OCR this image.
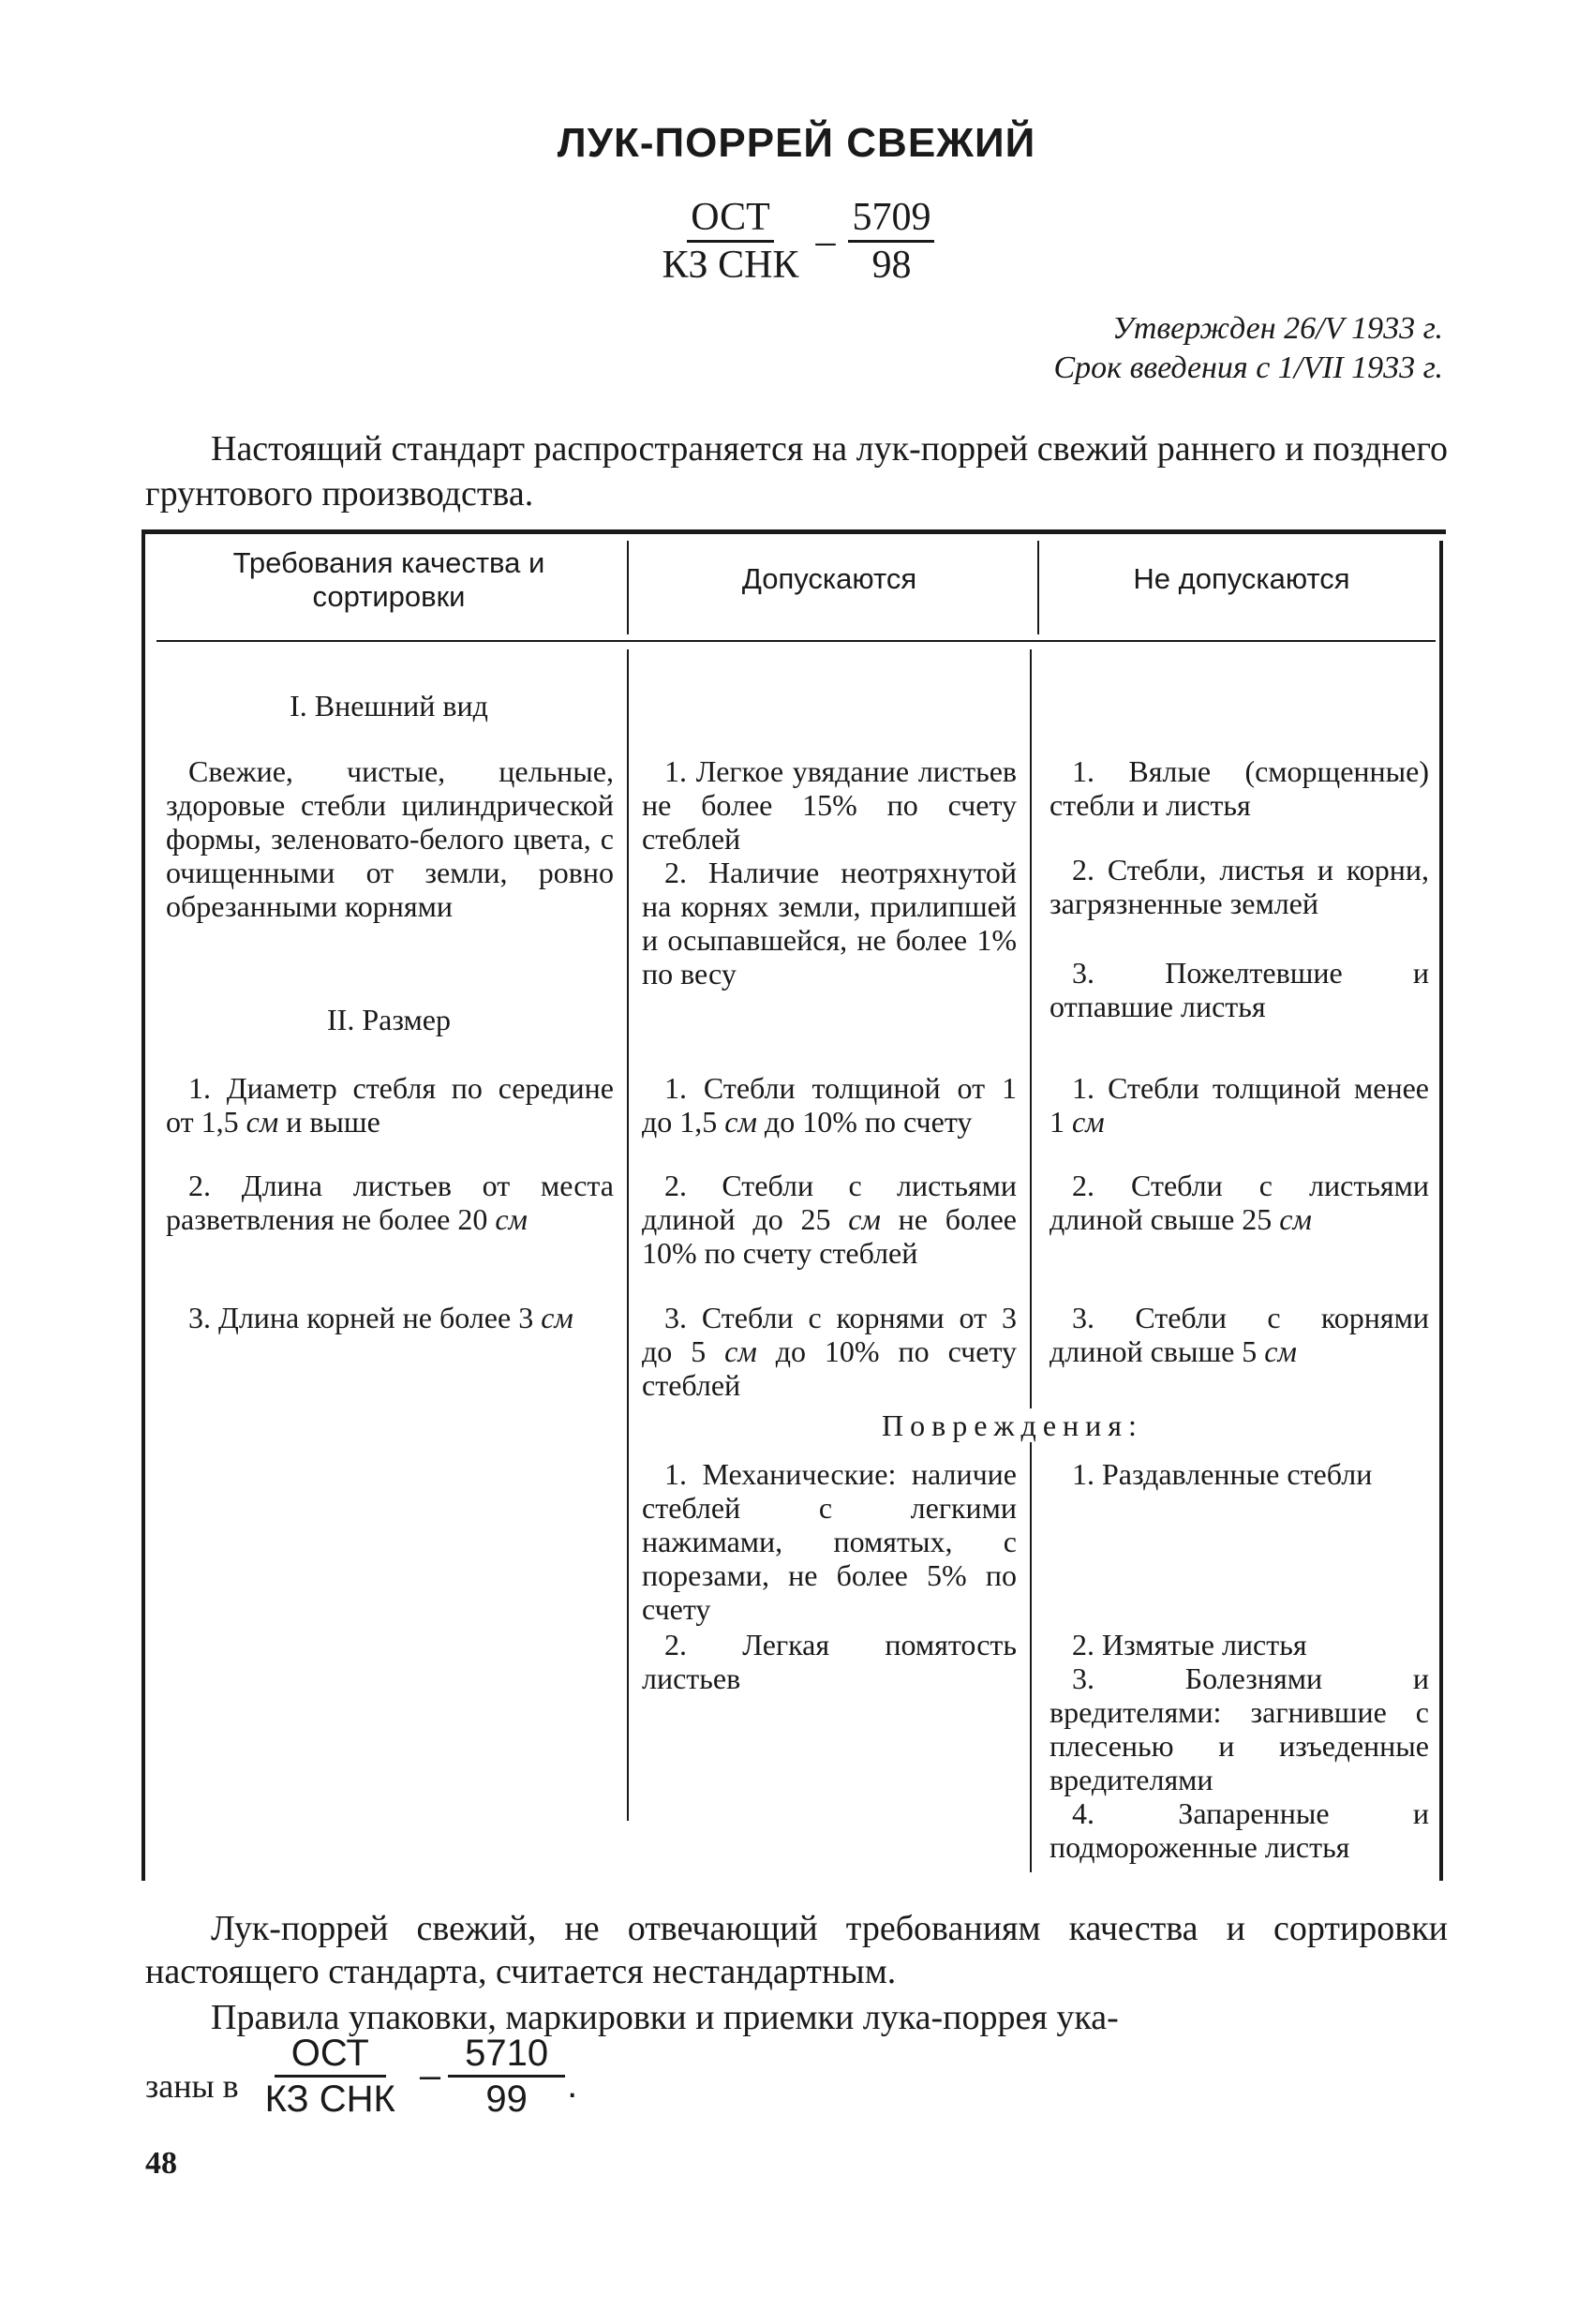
ЛУК-ПОРРЕЙ СВЕЖИЙ
$\frac{\text{ОСТ}}{\text{КЗ СНК}} - \frac{5709}{98}$
Утвержден 26/V 1933 г.
Срок введения с 1/VII 1933 г.
Настоящий стандарт распространяется на лук-поррей свежий раннего и позднего грунтового производства.
Требования качества и сортировки
Допускаются	Не допускаются
I. Внешний вид
Свежие, чистые, цельные, здоровые стебли цилиндрической формы, зеленовато-белого цвета, с очищенными от земли, ровно обрезанными корнями
1. Легкое увядание листьев не более 15% по счету стеблей
2. Наличие неотряхнутой на корнях земли, прилипшей и осыпавшейся, не более 1% по весу
1. Вялые (сморщенные) стебли и листья
2. Стебли, листья и корни, загрязненные землей
3. Пожелтевшие и отпавшие листья
II. Размер
1. Диаметр стебля по середине от 1,5 см и выше
2. Длина листьев от места разветвления не более 20 см
3. Длина корней не более 3 см
1. Стебли толщиной от 1 до 1,5 см до 10% по счету
2. Стебли с листьями длиной до 25 см не более 10% по счету стеблей
3. Стебли с корнями от 3 до 5 см до 10% по счету стеблей
1. Стебли толщиной менее 1 см
2. Стебли с листьями длиной свыше 25 см
3. Стебли с корнями длиной свыше 5 см
Повреждения:
1. Механические: наличие стеблей с легкими нажимами, помятых, с порезами, не более 5% по счету
2. Легкая помятость листьев
1. Раздавленные стебли
2. Измятые листья
3. Болезнями и вредителями: загнившие с плесенью и изъеденные вредителями
4. Запаренные и подмороженные листья
Лук-поррей свежий, не отвечающий требованиям качества и сортировки настоящего стандарта, считается нестандартным.
Правила упаковки, маркировки и приемки лука-поррея ука-
заны в $\frac{\text{ОСТ}}{\text{КЗ СНК}} - \frac{5710}{99}$ .
48
